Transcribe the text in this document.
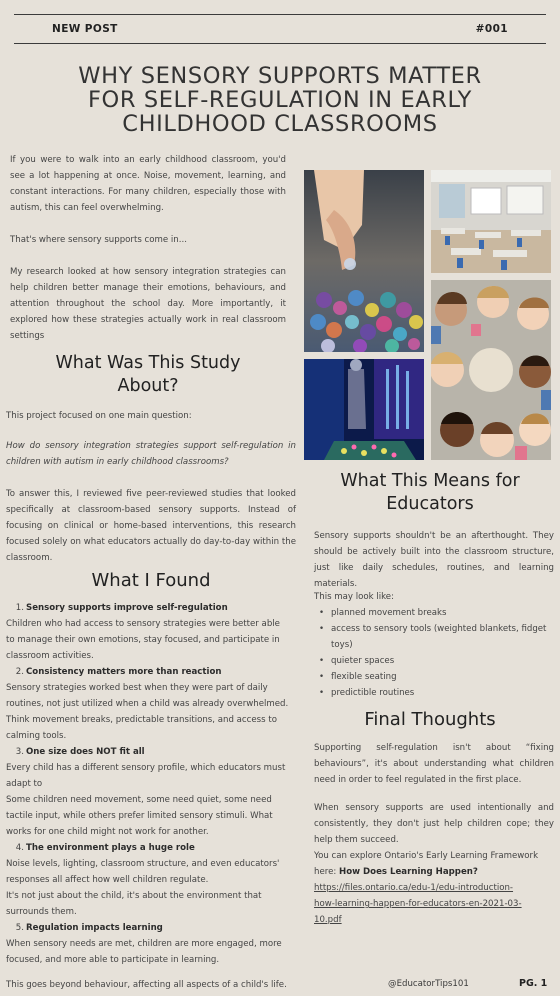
NEW POST	#001
WHY SENSORY SUPPORTS MATTER
FOR SELF-REGULATION IN EARLY
CHILDHOOD CLASSROOMS
If you were to walk into an early childhood classroom, you'd see a lot happening at once. Noise, movement, learning, and constant interactions. For many children, especially those with autism, this can feel overwhelming.
That's where sensory supports come in...
My research looked at how sensory integration strategies can help children better manage their emotions, behaviours, and attention throughout the school day. More importantly, it explored how these strategies actually work in real classroom settings
What Was This Study
About?
This project focused on one main question:
How do sensory integration strategies support self-regulation in children with autism in early childhood classrooms?
To answer this, I reviewed five peer-reviewed studies that looked specifically at classroom-based sensory supports. Instead of focusing on clinical or home-based interventions, this research focused solely on what educators actually do day-to-day within the classroom.
What I Found
1. Sensory supports improve self-regulation
Children who had access to sensory strategies were better able
to manage their own emotions, stay focused, and participate in
classroom activities.
2. Consistency matters more than reaction
Sensory strategies worked best when they were part of daily
routines, not just utilized when a child was already overwhelmed.
Think movement breaks, predictable transitions, and access to
calming tools.
3. One size does NOT fit all
Every child has a different sensory profile, which educators must
adapt to
Some children need movement, some need quiet, some need
tactile input, while others prefer limited sensory stimuli. What
works for one child might not work for another.
4. The environment plays a huge role
Noise levels, lighting, classroom structure, and even educators'
responses all affect how well children regulate.
It's not just about the child, it's about the environment that
surrounds them.
5. Regulation impacts learning
When sensory needs are met, children are more engaged, more
focused, and more able to participate in learning.
This goes beyond behaviour, affecting all aspects of a child's life.
What This Means for
Educators
Sensory supports shouldn't be an afterthought. They should be actively built into the classroom structure, just like daily schedules, routines, and learning materials.
This may look like:
• planned movement breaks
• access to sensory tools (weighted blankets, fidget toys)
• quieter spaces
• flexible seating
• predictible routines
Final Thoughts
Supporting self-regulation isn't about “fixing behaviours”, it's about understanding what children need in order to feel regulated in the first place.
When sensory supports are used intentionally and consistently, they don't just help children cope; they help them succeed.
You can explore Ontario's Early Learning Framework here: How Does Learning Happen?
https://files.ontario.ca/edu-1/edu-introduction-
how-learning-happen-for-educators-en-2021-03-
10.pdf
@EducatorTips101	PG. 1
